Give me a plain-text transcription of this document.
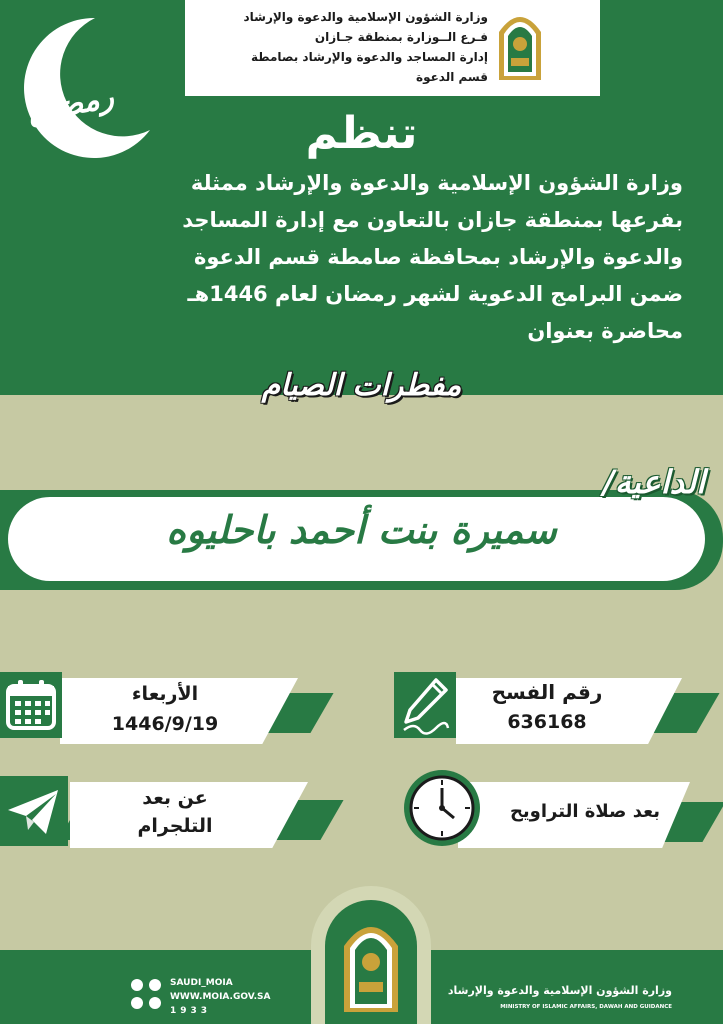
رمضان
وزارة الشؤون الإسلامية والدعوة والإرشاد
فـرع الــوزارة بمنطقة جـازان
إدارة المساجد والدعوة والإرشاد بصامطة
قسم الدعوة
تنظم
وزارة الشؤون الإسلامية والدعوة والإرشاد ممثلة
بفرعها بمنطقة جازان بالتعاون مع إدارة المساجد
والدعوة والإرشاد بمحافظة صامطة قسم الدعوة
ضمن البرامج الدعوية لشهر رمضان لعام 1446هـ
محاضرة بعنوان
مفطرات الصيام
الداعية/
سميرة بنت أحمد باحليوه
الأربعاء
1446/9/19
رقم الفسح
636168
عن بعد
التلجرام
بعد صلاة التراويح
SAUDI_MOIA
WWW.MOIA.GOV.SA
1933
وزارة الشؤون الإسلامية والدعوة والإرشاد
MINISTRY OF ISLAMIC AFFAIRS, DAWAH AND GUIDANCE
